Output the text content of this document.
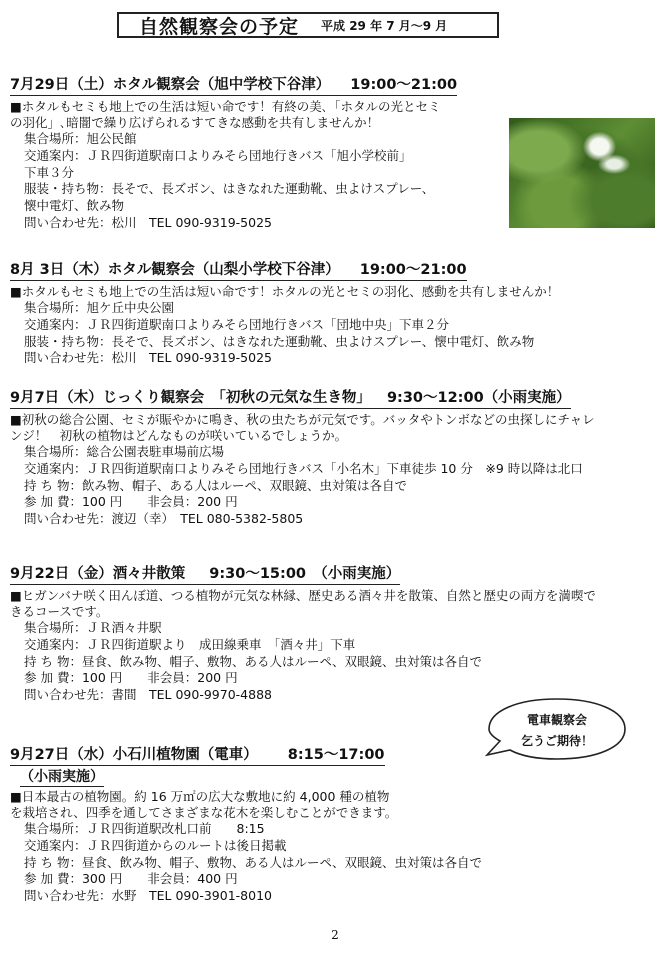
自然観察会の予定 平成 29 年 7 月～9 月
7月29日（土）ホタル観察会（旭中学校下谷津） 19:00～21:00
■ホタルもセミも地上での生活は短い命です！有終の美､「ホタルの光とセミ
の羽化」､暗闇で繰り広げられるすてきな感動を共有しませんか！
集合場所：旭公民館
交通案内：ＪＲ四街道駅南口よりみそら団地行きバス「旭小学校前」
下車３分
服装・持ち物：長そで、長ズボン、はきなれた運動靴、虫よけスプレー、
懐中電灯、飲み物
問い合わせ先：松川　TEL 090-9319-5025
8月 3日（木）ホタル観察会（山梨小学校下谷津） 19:00～21:00
■ホタルもセミも地上での生活は短い命です！ホタルの光とセミの羽化、感動を共有しませんか！
集合場所：旭ケ丘中央公園
交通案内：ＪＲ四街道駅南口よりみそら団地行きバス「団地中央」下車２分
服装・持ち物：長そで、長ズボン、はきなれた運動靴、虫よけスプレー、懐中電灯、飲み物
問い合わせ先：松川　TEL 090-9319-5025
9月7日（木）じっくり観察会　「初秋の元気な生き物」 9:30～12:00（小雨実施）
■初秋の総合公園、セミが賑やかに鳴き、秋の虫たちが元気です。バッタやトンボなどの虫探しにチャレ
ンジ！　初秋の植物はどんなものが咲いているでしょうか。
集合場所：総合公園表駐車場前広場
交通案内：ＪＲ四街道駅南口よりみそら団地行きバス「小名木」下車徒歩 10 分　※9 時以降は北口
持 ち 物：飲み物、帽子、ある人はルーペ、双眼鏡、虫対策は各自で
参 加 費：100 円　　非会員：200 円
問い合わせ先：渡辺（幸）　TEL 080-5382-5805
9月22日（金）酒々井散策 9:30～15:00　（小雨実施）
■ヒガンバナ咲く田んぼ道、つる植物が元気な林縁、歴史ある酒々井を散策、自然と歴史の両方を満喫で
きるコースです。
集合場所：ＪＲ酒々井駅
交通案内：ＪＲ四街道駅より　成田線乗車　「酒々井」下車
持 ち 物：昼食、飲み物、帽子、敷物、ある人はルーペ、双眼鏡、虫対策は各自で
参 加 費：100 円　　非会員：200 円
問い合わせ先：書間　TEL 090-9970-4888
電車観察会
乞うご期待！
9月27日（水）小石川植物園（電車） 8:15～17:00
（小雨実施）
■日本最古の植物園。約 16 万㎡の広大な敷地に約 4,000 種の植物
を栽培され、四季を通してさまざまな花木を楽しむことができます。
集合場所：ＪＲ四街道駅改札口前　　8:15
交通案内：ＪＲ四街道からのルートは後日掲載
持 ち 物：昼食、飲み物、帽子、敷物、ある人はルーペ、双眼鏡、虫対策は各自で
参 加 費：300 円　　非会員：400 円
問い合わせ先：水野　TEL 090-3901-8010
2
